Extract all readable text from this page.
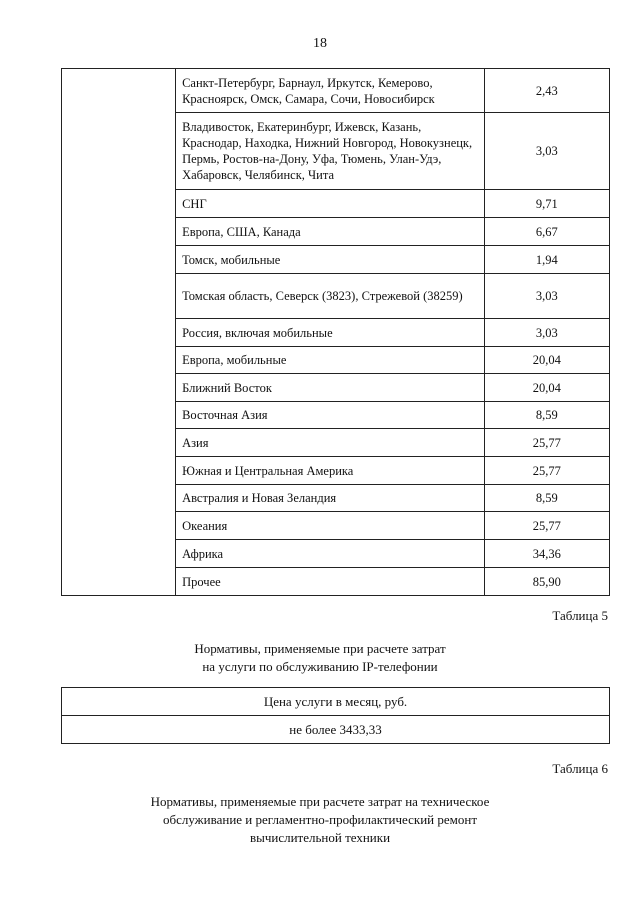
18
	Санкт-Петербург, Барнаул, Иркутск, Кемерово, Красноярск, Омск, Самара, Сочи, Новосибирск	2,43
	Владивосток, Екатеринбург, Ижевск, Казань, Краснодар, Находка, Нижний Новгород, Новокузнецк, Пермь, Ростов-на-Дону, Уфа, Тюмень, Улан-Удэ, Хабаровск, Челябинск, Чита	3,03
	СНГ	9,71
	Европа, США, Канада	6,67
	Томск, мобильные	1,94
	Томская область, Северск (3823), Стрежевой (38259)	3,03
	Россия, включая мобильные	3,03
	Европа, мобильные	20,04
	Ближний Восток	20,04
	Восточная Азия	8,59
	Азия	25,77
	Южная и Центральная Америка	25,77
	Австралия и Новая Зеландия	8,59
	Океания	25,77
	Африка	34,36
	Прочее	85,90
Таблица 5
Нормативы, применяемые при расчете затрат
на услуги по обслуживанию IP-телефонии
Цена услуги в месяц, руб.
не более 3433,33
Таблица 6
Нормативы, применяемые при расчете затрат на техническое
обслуживание и регламентно-профилактический ремонт
вычислительной техники
